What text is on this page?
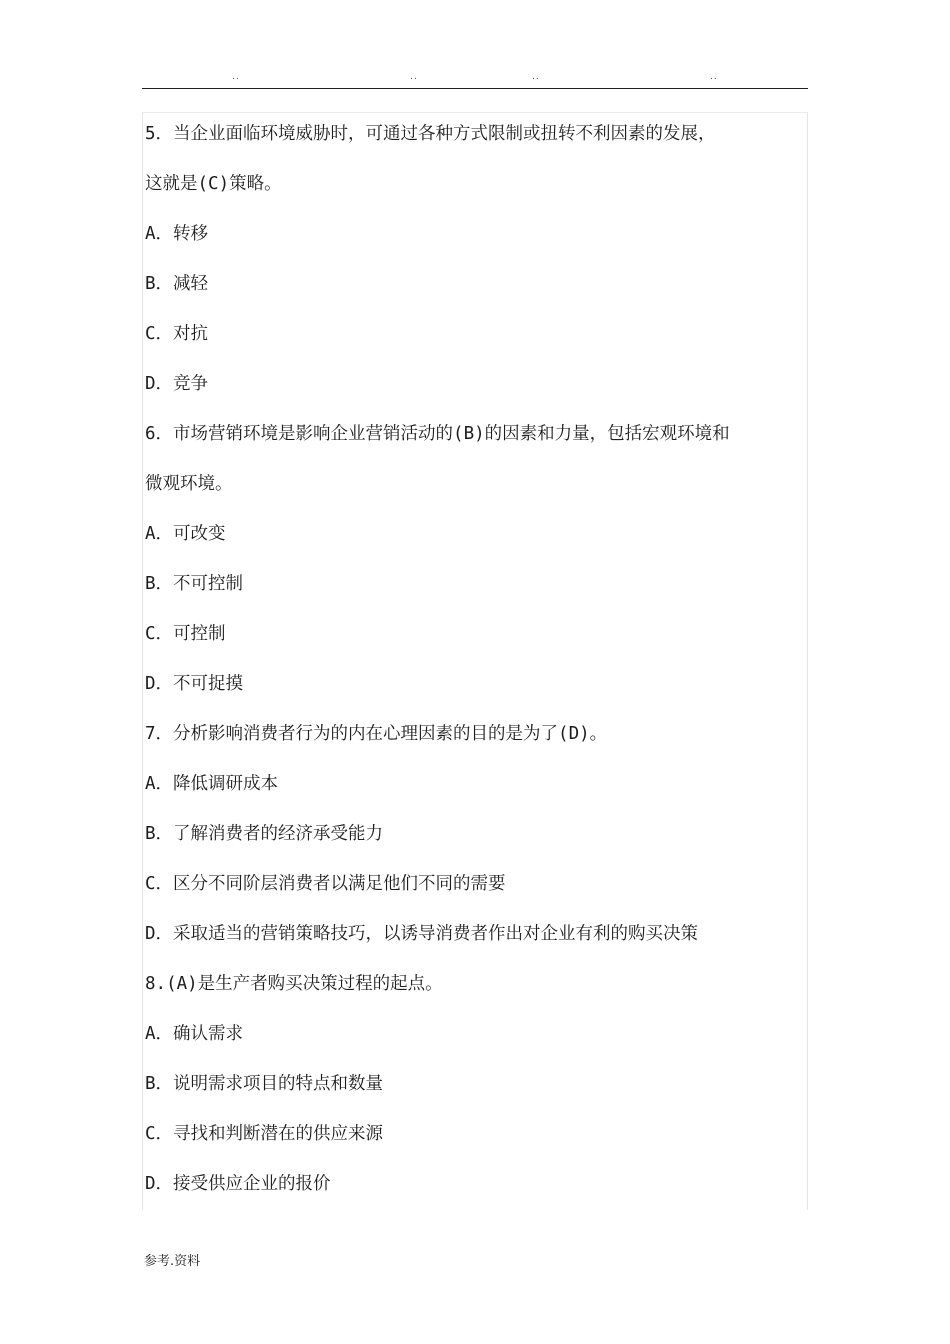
..	..	..	..
5．当企业面临环境威胁时，可通过各种方式限制或扭转不利因素的发展，
这就是(C)策略。
A．转移
B．减轻
C．对抗
D．竞争
6．市场营销环境是影响企业营销活动的(B)的因素和力量，包括宏观环境和
微观环境。
A．可改变
B．不可控制
C．可控制
D．不可捉摸
7．分析影响消费者行为的内在心理因素的目的是为了(D)。
A．降低调研成本
B．了解消费者的经济承受能力
C．区分不同阶层消费者以满足他们不同的需要
D．采取适当的营销策略技巧，以诱导消费者作出对企业有利的购买决策
8.(A)是生产者购买决策过程的起点。
A．确认需求
B．说明需求项目的特点和数量
C．寻找和判断潜在的供应来源
D．接受供应企业的报价
参考.资料
